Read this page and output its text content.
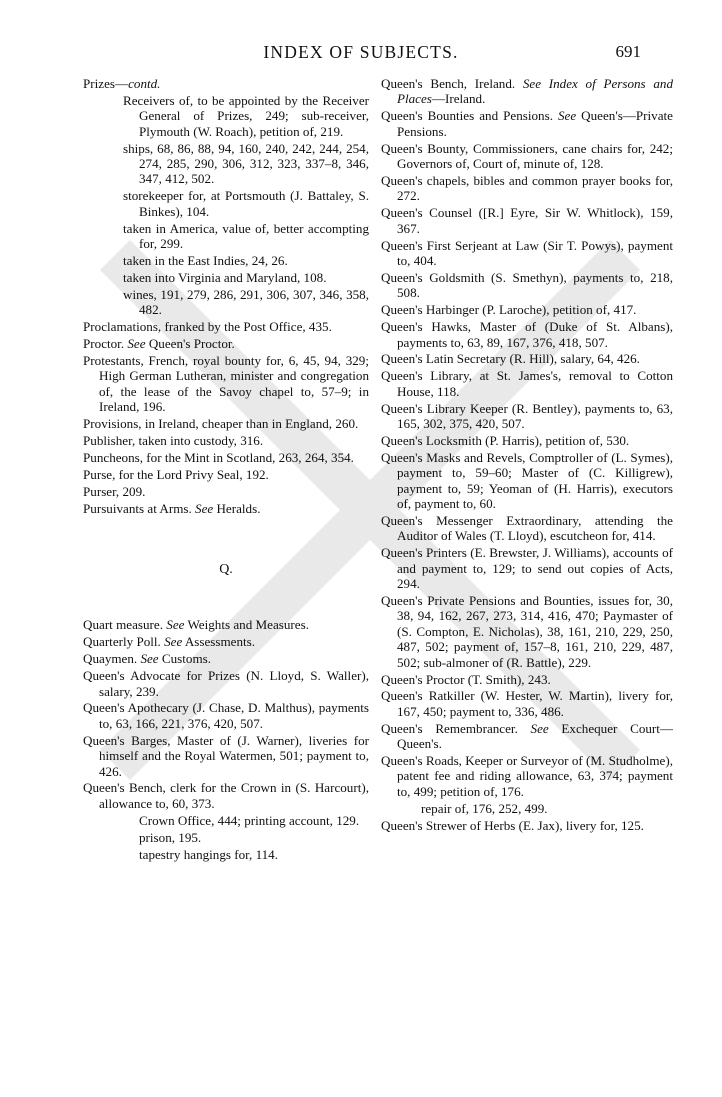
INDEX OF SUBJECTS.	691
Prizes—contd.
Receivers of, to be appointed by the Receiver General of Prizes, 249; sub-receiver, Plymouth (W. Roach), petition of, 219.
ships, 68, 86, 88, 94, 160, 240, 242, 244, 254, 274, 285, 290, 306, 312, 323, 337–8, 346, 347, 412, 502.
storekeeper for, at Portsmouth (J. Battaley, S. Binkes), 104.
taken in America, value of, better accompting for, 299.
taken in the East Indies, 24, 26.
taken into Virginia and Maryland, 108.
wines, 191, 279, 286, 291, 306, 307, 346, 358, 482.
Proclamations, franked by the Post Office, 435.
Proctor. See Queen's Proctor.
Protestants, French, royal bounty for, 6, 45, 94, 329; High German Lutheran, minister and congregation of, the lease of the Savoy chapel to, 57–9; in Ireland, 196.
Provisions, in Ireland, cheaper than in England, 260.
Publisher, taken into custody, 316.
Puncheons, for the Mint in Scotland, 263, 264, 354.
Purse, for the Lord Privy Seal, 192.
Purser, 209.
Pursuivants at Arms. See Heralds.
Q.
Quart measure. See Weights and Measures.
Quarterly Poll. See Assessments.
Quaymen. See Customs.
Queen's Advocate for Prizes (N. Lloyd, S. Waller), salary, 239.
Queen's Apothecary (J. Chase, D. Malthus), payments to, 63, 166, 221, 376, 420, 507.
Queen's Barges, Master of (J. Warner), liveries for himself and the Royal Watermen, 501; payment to, 426.
Queen's Bench, clerk for the Crown in (S. Harcourt), allowance to, 60, 373.
Crown Office, 444; printing account, 129.
prison, 195.
tapestry hangings for, 114.
Queen's Bench, Ireland. See Index of Persons and Places—Ireland.
Queen's Bounties and Pensions. See Queen's—Private Pensions.
Queen's Bounty, Commissioners, cane chairs for, 242; Governors of, Court of, minute of, 128.
Queen's chapels, bibles and common prayer books for, 272.
Queen's Counsel ([R.] Eyre, Sir W. Whitlock), 159, 367.
Queen's First Serjeant at Law (Sir T. Powys), payment to, 404.
Queen's Goldsmith (S. Smethyn), payments to, 218, 508.
Queen's Harbinger (P. Laroche), petition of, 417.
Queen's Hawks, Master of (Duke of St. Albans), payments to, 63, 89, 167, 376, 418, 507.
Queen's Latin Secretary (R. Hill), salary, 64, 426.
Queen's Library, at St. James's, removal to Cotton House, 118.
Queen's Library Keeper (R. Bentley), payments to, 63, 165, 302, 375, 420, 507.
Queen's Locksmith (P. Harris), petition of, 530.
Queen's Masks and Revels, Comptroller of (L. Symes), payment to, 59–60; Master of (C. Killigrew), payment to, 59; Yeoman of (H. Harris), executors of, payment to, 60.
Queen's Messenger Extraordinary, attending the Auditor of Wales (T. Lloyd), escutcheon for, 414.
Queen's Printers (E. Brewster, J. Williams), accounts of and payment to, 129; to send out copies of Acts, 294.
Queen's Private Pensions and Bounties, issues for, 30, 38, 94, 162, 267, 273, 314, 416, 470; Paymaster of (S. Compton, E. Nicholas), 38, 161, 210, 229, 250, 487, 502; payment of, 157–8, 161, 210, 229, 487, 502; sub-almoner of (R. Battle), 229.
Queen's Proctor (T. Smith), 243.
Queen's Ratkiller (W. Hester, W. Martin), livery for, 167, 450; payment to, 336, 486.
Queen's Remembrancer. See Exchequer Court—Queen's.
Queen's Roads, Keeper or Surveyor of (M. Studholme), patent fee and riding allowance, 63, 374; payment to, 499; petition of, 176.
repair of, 176, 252, 499.
Queen's Strewer of Herbs (E. Jax), livery for, 125.
